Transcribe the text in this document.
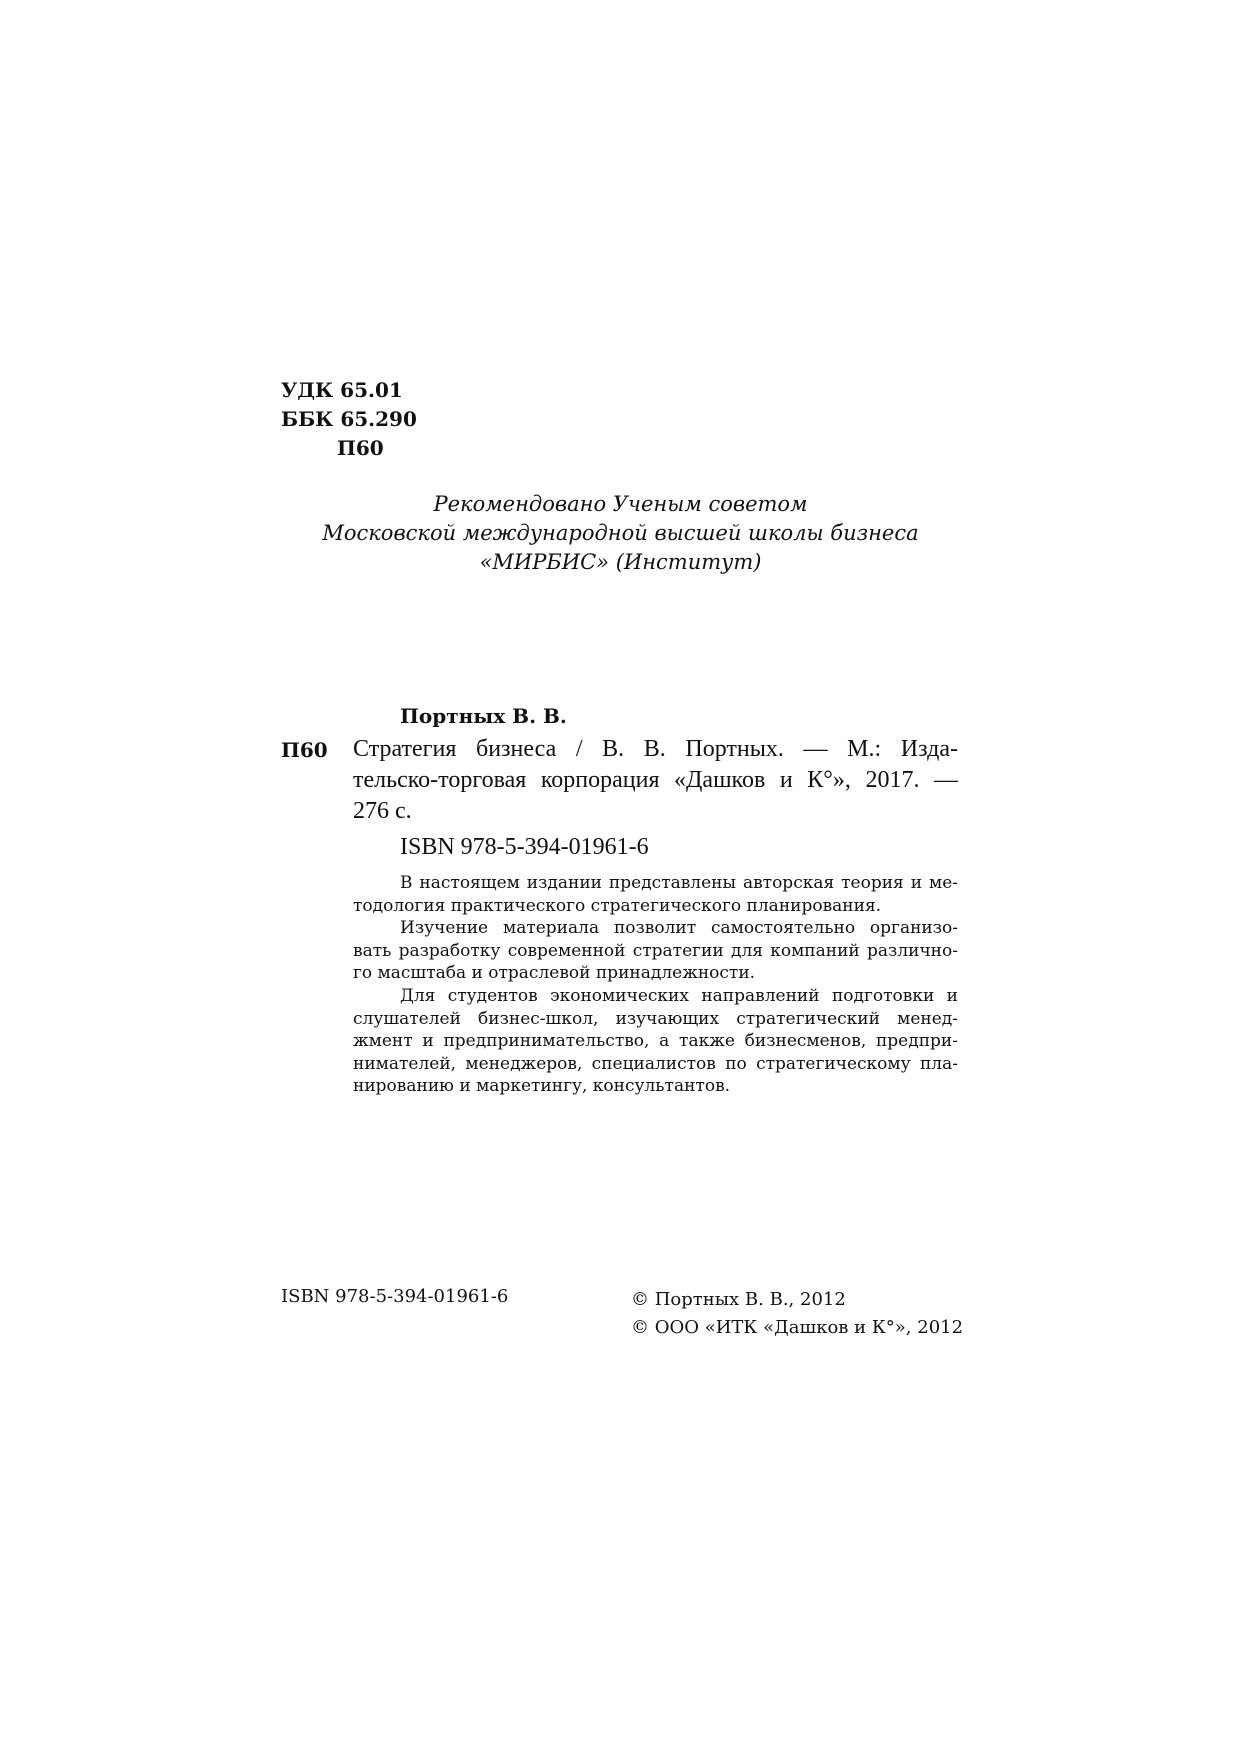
УДК 65.01
ББК 65.290
П60
Рекомендовано Ученым советом
Московской международной высшей школы бизнеса
«МИРБИС» (Институт)
Портных В. В.
П60 Стратегия бизнеса / В. В. Портных. — М.: Изда-
тельско-торговая корпорация «Дашков и К°», 2017. —
276 с.
ISBN 978-5-394-01961-6
В настоящем издании представлены авторская теория и ме-
тодология практического стратегического планирования.
Изучение материала позволит самостоятельно организо-
вать разработку современной стратегии для компаний различно-
го масштаба и отраслевой принадлежности.
Для студентов экономических направлений подготовки и
слушателей бизнес-школ, изучающих стратегический менед-
жмент и предпринимательство, а также бизнесменов, предпри-
нимателей, менеджеров, специалистов по стратегическому пла-
нированию и маркетингу, консультантов.
ISBN 978-5-394-01961-6	© Портных В. В., 2012
© ООО «ИТК «Дашков и К°», 2012
